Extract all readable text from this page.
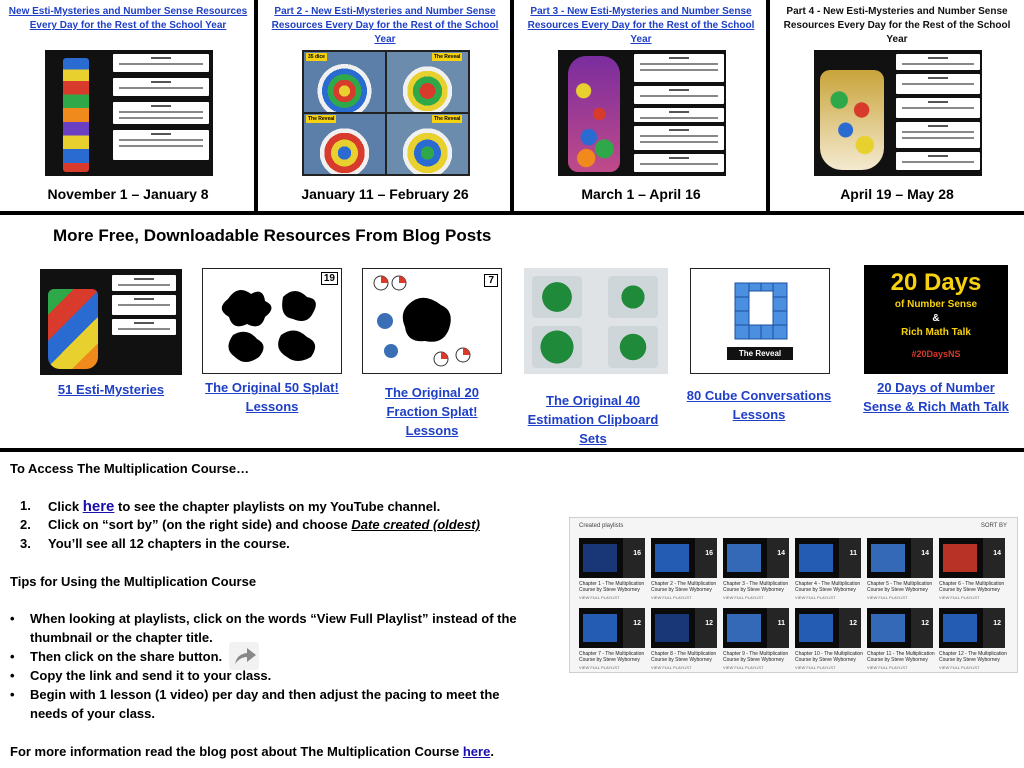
New Esti-Mysteries and Number Sense Resources Every Day for the Rest of the School Year
November 1 – January 8
Part 2 - New Esti-Mysteries and Number Sense Resources Every Day for the Rest of the School Year
35 dice	The Reveal
The Reveal	The Reveal
January 11 – February 26
Part 3 - New Esti-Mysteries and Number Sense Resources Every Day for the Rest of the School Year
March 1 – April 16
Part 4 - New Esti-Mysteries and Number Sense Resources Every Day for the Rest of the School Year
April 19 – May 28
More Free, Downloadable Resources From Blog Posts
51 Esti-Mysteries
19
The Original 50 Splat! Lessons
7
The Original 20 Fraction Splat! Lessons
The Original 40 Estimation Clipboard Sets
The Reveal
80 Cube Conversations Lessons
20 Days
of Number Sense
&
Rich Math Talk
#20DaysNS
20 Days of Number Sense & Rich Math Talk
To Access The Multiplication Course…
1.	Click here to see the chapter playlists on my YouTube channel.
2.	Click on “sort by” (on the right side) and choose Date created (oldest)
3.	You’ll see all 12 chapters in the course.
Tips for Using the Multiplication Course
• When looking at playlists, click on the words “View Full Playlist” instead of the
thumbnail or the chapter title.
• Then click on the share button.
• Copy the link and send it to your class.
• Begin with 1 lesson (1 video) per day and then adjust the pacing to meet the
needs of your class.
For more information read the blog post about The Multiplication Course here.
Created playlists	SORT BY
16
Chapter 1 - The Multiplication Course by Steve Wyborney
VIEW FULL PLAYLIST
16
Chapter 2 - The Multiplication Course by Steve Wyborney
VIEW FULL PLAYLIST
14
Chapter 3 - The Multiplication Course by Steve Wyborney
VIEW FULL PLAYLIST
11
Chapter 4 - The Multiplication Course by Steve Wyborney
VIEW FULL PLAYLIST
14
Chapter 5 - The Multiplication Course by Steve Wyborney
VIEW FULL PLAYLIST
14
Chapter 6 - The Multiplication Course by Steve Wyborney
VIEW FULL PLAYLIST
12
Chapter 7 - The Multiplication Course by Steve Wyborney
VIEW FULL PLAYLIST
12
Chapter 8 - The Multiplication Course by Steve Wyborney
VIEW FULL PLAYLIST
11
Chapter 9 - The Multiplication Course by Steve Wyborney
VIEW FULL PLAYLIST
12
Chapter 10 - The Multiplication Course by Steve Wyborney
VIEW FULL PLAYLIST
12
Chapter 11 - The Multiplication Course by Steve Wyborney
VIEW FULL PLAYLIST
12
Chapter 12 - The Multiplication Course by Steve Wyborney
VIEW FULL PLAYLIST
